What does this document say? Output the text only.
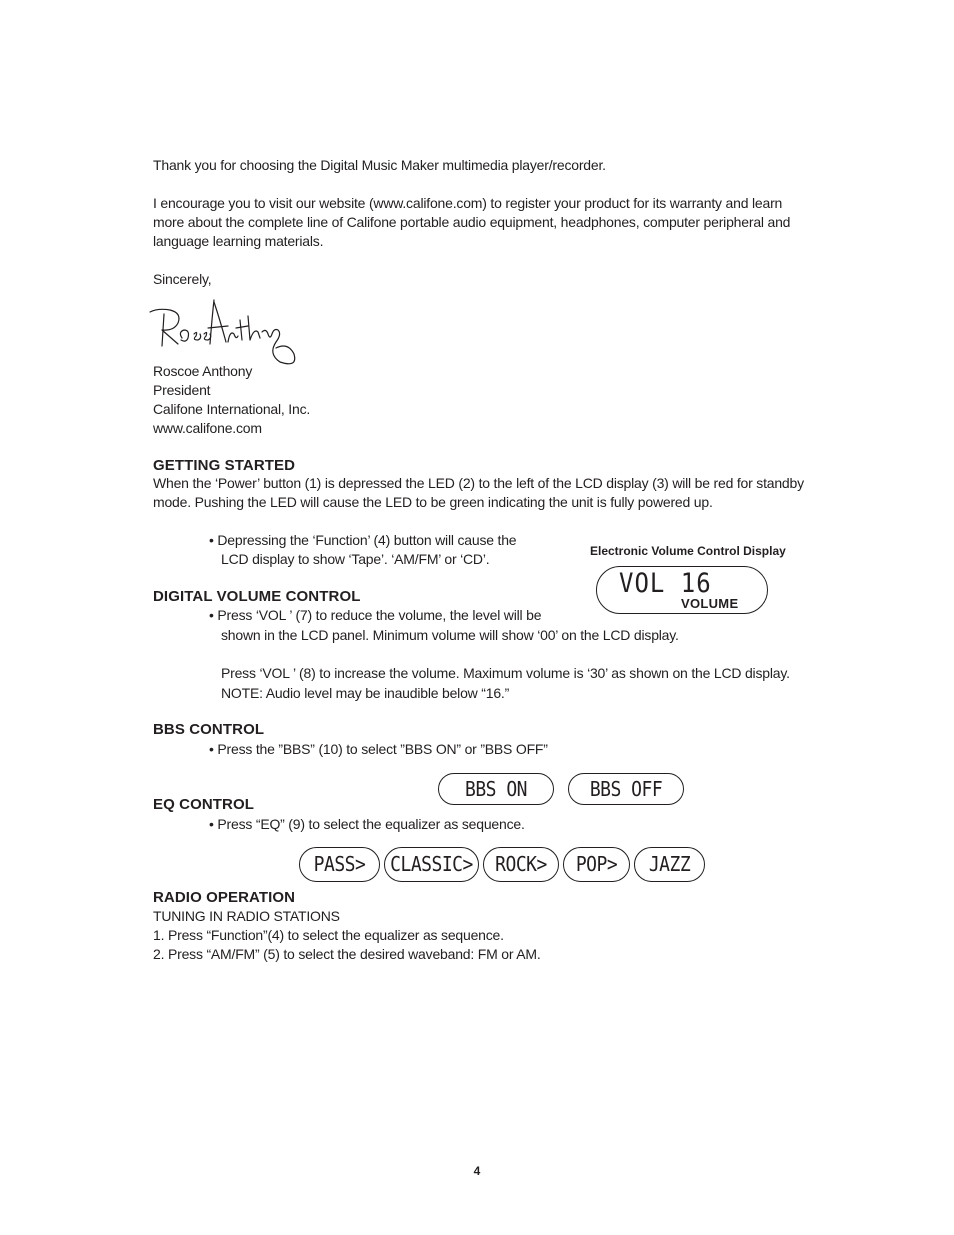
Thank you for choosing the Digital Music Maker multimedia player/recorder.
I encourage you to visit our website (www.califone.com) to register your product for its warranty and learn
more about the complete line of Califone portable audio equipment, headphones, computer peripheral and
language learning materials.
Sincerely,
Roscoe Anthony
President
Califone International, Inc.
www.califone.com
GETTING STARTED
When the ‘Power’ button (1) is depressed the LED (2) to the left of the LCD display (3) will be red for standby
mode. Pushing the LED will cause the LED to be green indicating the unit is fully powered up.
• Depressing the ‘Function’ (4) button will cause the
LCD display to show ‘Tape’. ‘AM/FM’ or ‘CD’.	Electronic Volume Control Display
VOL 16
VOLUME
DIGITAL VOLUME CONTROL
• Press ‘VOL ’ (7) to reduce the volume, the level will be
shown in the LCD panel. Minimum volume will show ‘00’ on the LCD display.
Press ‘VOL ’ (8) to increase the volume. Maximum volume is ‘30’ as shown on the LCD display.
NOTE: Audio level may be inaudible below “16.”
BBS CONTROL
• Press the ”BBS” (10) to select ”BBS ON” or ”BBS OFF”
BBS ON	BBS OFF
EQ CONTROL
• Press “EQ” (9) to select the equalizer as sequence.
PASS> CLASSIC> ROCK> POP> JAZZ
RADIO OPERATION
TUNING IN RADIO STATIONS
1. Press “Function”(4) to select the equalizer as sequence.
2. Press “AM/FM” (5) to select the desired waveband: FM or AM.
4
